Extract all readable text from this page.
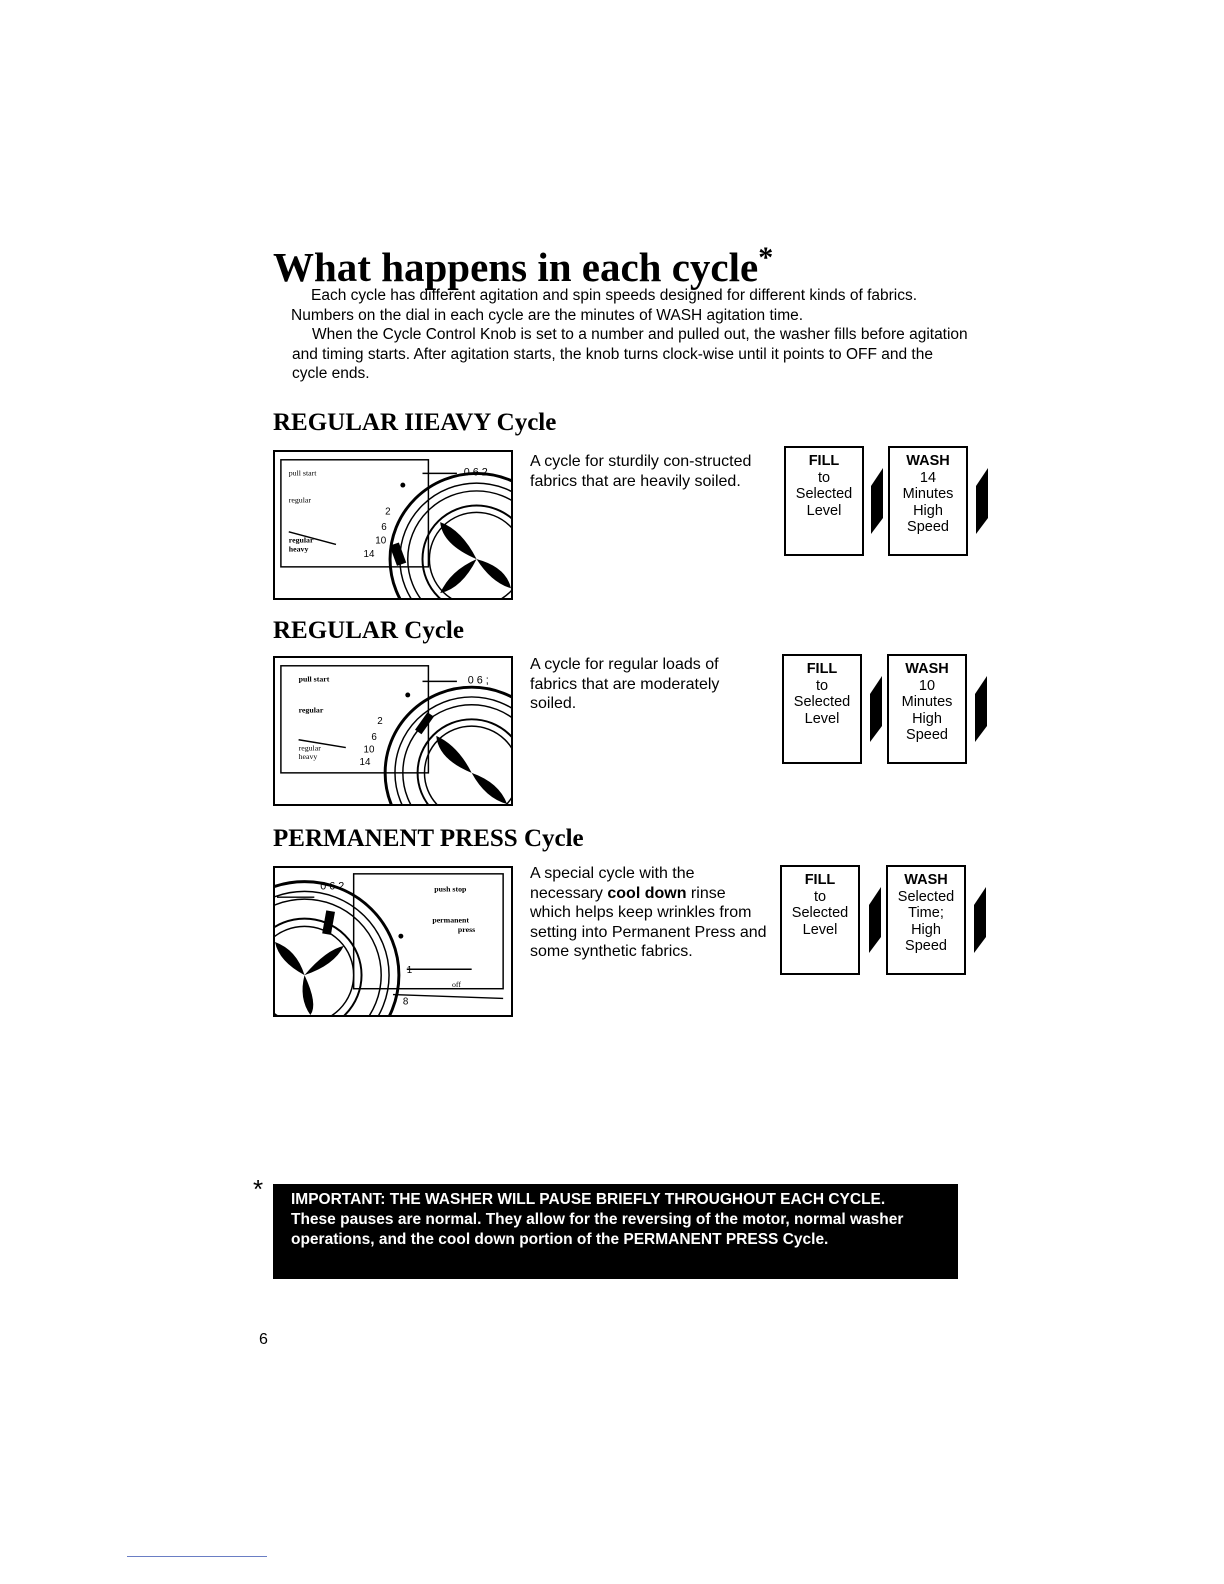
What happens in each cycle*

Each cycle has different agitation and spin speeds designed for different kinds of fabrics. Numbers on the dial in each cycle are the minutes of WASH agitation time.

When the Cycle Control Knob is set to a number and pulled out, the washer fills before agitation and timing starts. After agitation starts, the knob turns clock-wise until it points to OFF and the cycle ends.

REGULAR IIEAVY Cycle
pull start
regular
regular
heavy
2
6
10
14
0 6 2
A cycle for sturdily con-structed fabrics that are heavily soiled.
FILL
to
Selected
Level
WASH
14
Minutes
High
Speed
REGULAR Cycle
pull start
regular
regular
heavy
2
6
10
14
0 6 ;
A cycle for regular loads of fabrics that are moderately soiled.
FILL
to
Selected
Level
WASH
10
Minutes
High
Speed
PERMANENT PRESS Cycle
push stop
permanent
press
off
1
8
0 6 2
A special cycle with the necessary cool down rinse which helps keep wrinkles from setting into Permanent Press and some synthetic fabrics.
FILL
to
Selected
Level
WASH
Selected
Time;
High
Speed
* IMPORTANT: THE WASHER WILL PAUSE BRIEFLY THROUGHOUT EACH CYCLE.

These pauses are normal. They allow for the reversing of the motor, normal washer operations, and the cool down portion of the PERMANENT PRESS Cycle.

6
